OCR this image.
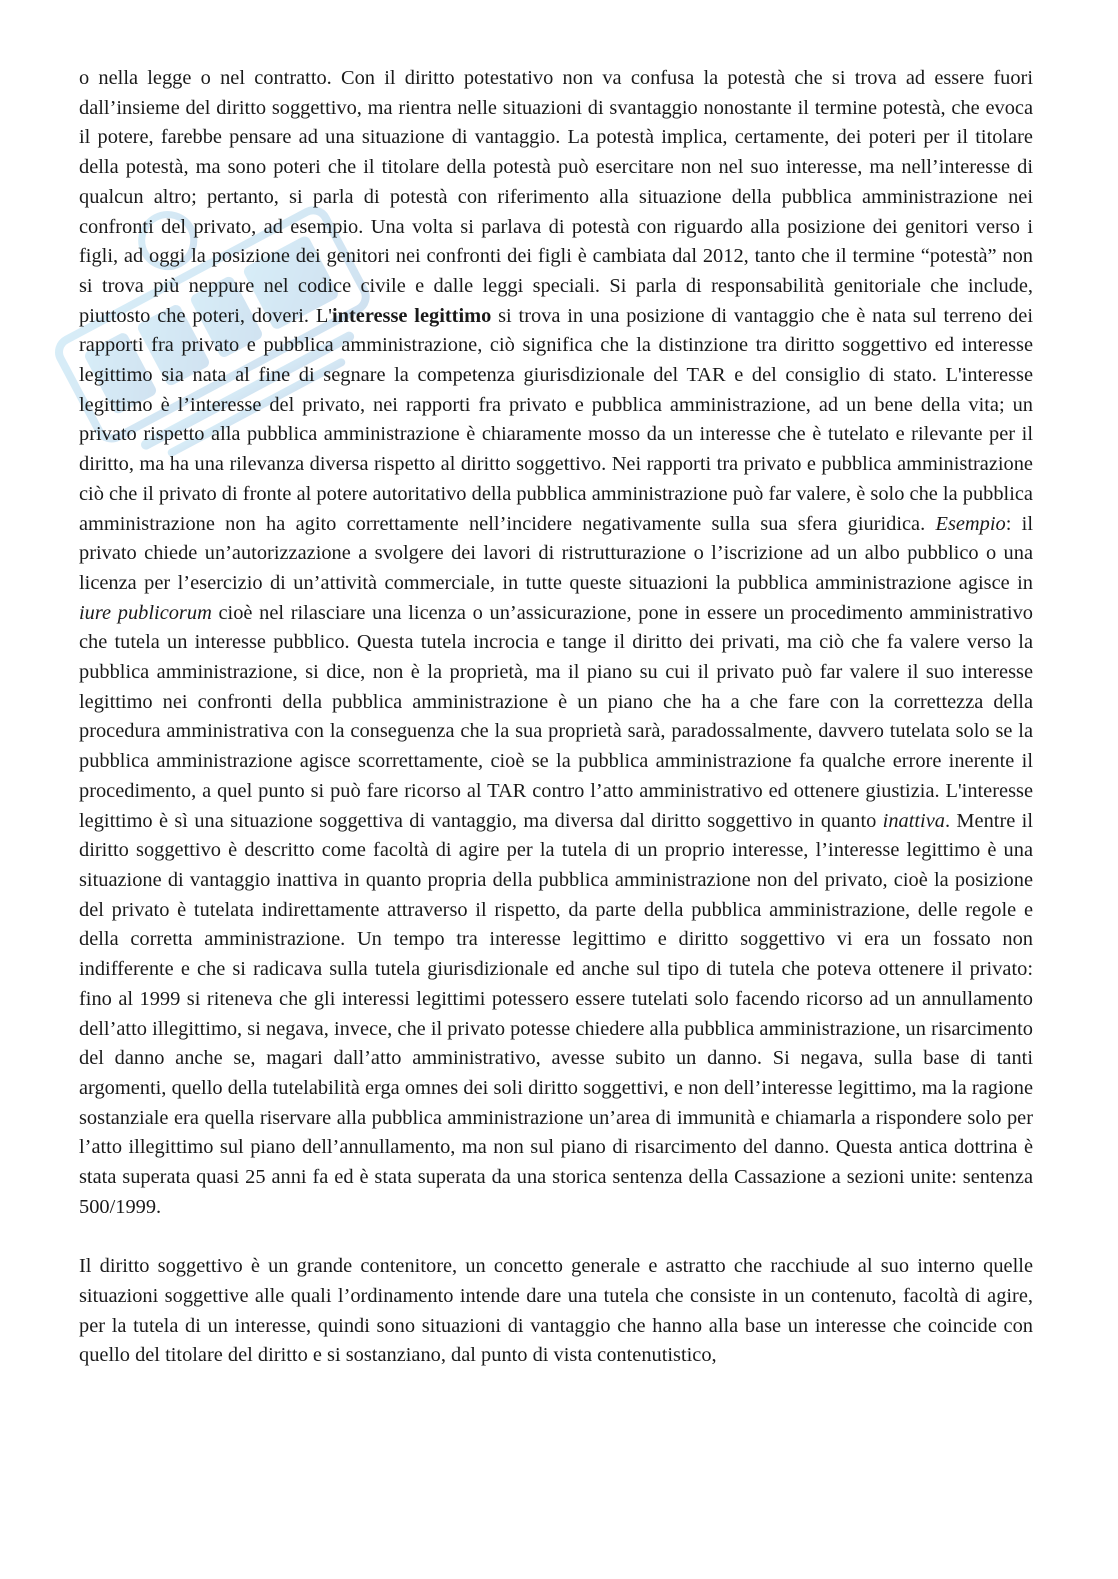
o nella legge o nel contratto. Con il diritto potestativo non va confusa la potestà che si trova ad essere fuori dall’insieme del diritto soggettivo, ma rientra nelle situazioni di svantaggio nonostante il termine potestà, che evoca il potere, farebbe pensare ad una situazione di vantaggio. La potestà implica, certamente, dei poteri per il titolare della potestà, ma sono poteri che il titolare della potestà può esercitare non nel suo interesse, ma nell’interesse di qualcun altro; pertanto, si parla di potestà con riferimento alla situazione della pubblica amministrazione nei confronti del privato, ad esempio. Una volta si parlava di potestà con riguardo alla posizione dei genitori verso i figli, ad oggi la posizione dei genitori nei confronti dei figli è cambiata dal 2012, tanto che il termine “potestà” non si trova più neppure nel codice civile e dalle leggi speciali. Si parla di responsabilità genitoriale che include, piuttosto che poteri, doveri. L'interesse legittimo si trova in una posizione di vantaggio che è nata sul terreno dei rapporti fra privato e pubblica amministrazione, ciò significa che la distinzione tra diritto soggettivo ed interesse legittimo sia nata al fine di segnare la competenza giurisdizionale del TAR e del consiglio di stato. L'interesse legittimo è l’interesse del privato, nei rapporti fra privato e pubblica amministrazione, ad un bene della vita; un privato rispetto alla pubblica amministrazione è chiaramente mosso da un interesse che è tutelato e rilevante per il diritto, ma ha una rilevanza diversa rispetto al diritto soggettivo. Nei rapporti tra privato e pubblica amministrazione ciò che il privato di fronte al potere autoritativo della pubblica amministrazione può far valere, è solo che la pubblica amministrazione non ha agito correttamente nell’incidere negativamente sulla sua sfera giuridica. Esempio: il privato chiede un’autorizzazione a svolgere dei lavori di ristrutturazione o l’iscrizione ad un albo pubblico o una licenza per l’esercizio di un’attività commerciale, in tutte queste situazioni la pubblica amministrazione agisce in iure publicorum cioè nel rilasciare una licenza o un’assicurazione, pone in essere un procedimento amministrativo che tutela un interesse pubblico. Questa tutela incrocia e tange il diritto dei privati, ma ciò che fa valere verso la pubblica amministrazione, si dice, non è la proprietà, ma il piano su cui il privato può far valere il suo interesse legittimo nei confronti della pubblica amministrazione è un piano che ha a che fare con la correttezza della procedura amministrativa con la conseguenza che la sua proprietà sarà, paradossalmente, davvero tutelata solo se la pubblica amministrazione agisce scorrettamente, cioè se la pubblica amministrazione fa qualche errore inerente il procedimento, a quel punto si può fare ricorso al TAR contro l’atto amministrativo ed ottenere giustizia. L'interesse legittimo è sì una situazione soggettiva di vantaggio, ma diversa dal diritto soggettivo in quanto inattiva. Mentre il diritto soggettivo è descritto come facoltà di agire per la tutela di un proprio interesse, l’interesse legittimo è una situazione di vantaggio inattiva in quanto propria della pubblica amministrazione non del privato, cioè la posizione del privato è tutelata indirettamente attraverso il rispetto, da parte della pubblica amministrazione, delle regole e della corretta amministrazione. Un tempo tra interesse legittimo e diritto soggettivo vi era un fossato non indifferente e che si radicava sulla tutela giurisdizionale ed anche sul tipo di tutela che poteva ottenere il privato: fino al 1999 si riteneva che gli interessi legittimi potessero essere tutelati solo facendo ricorso ad un annullamento dell’atto illegittimo, si negava, invece, che il privato potesse chiedere alla pubblica amministrazione, un risarcimento del danno anche se, magari dall’atto amministrativo, avesse subito un danno. Si negava, sulla base di tanti argomenti, quello della tutelabilità erga omnes dei soli diritto soggettivi, e non dell’interesse legittimo, ma la ragione sostanziale era quella riservare alla pubblica amministrazione un’area di immunità e chiamarla a rispondere solo per l’atto illegittimo sul piano dell’annullamento, ma non sul piano di risarcimento del danno. Questa antica dottrina è stata superata quasi 25 anni fa ed è stata superata da una storica sentenza della Cassazione a sezioni unite: sentenza 500/1999.

Il diritto soggettivo è un grande contenitore, un concetto generale e astratto che racchiude al suo interno quelle situazioni soggettive alle quali l’ordinamento intende dare una tutela che consiste in un contenuto, facoltà di agire, per la tutela di un interesse, quindi sono situazioni di vantaggio che hanno alla base un interesse che coincide con quello del titolare del diritto e si sostanziano, dal punto di vista contenutistico,
